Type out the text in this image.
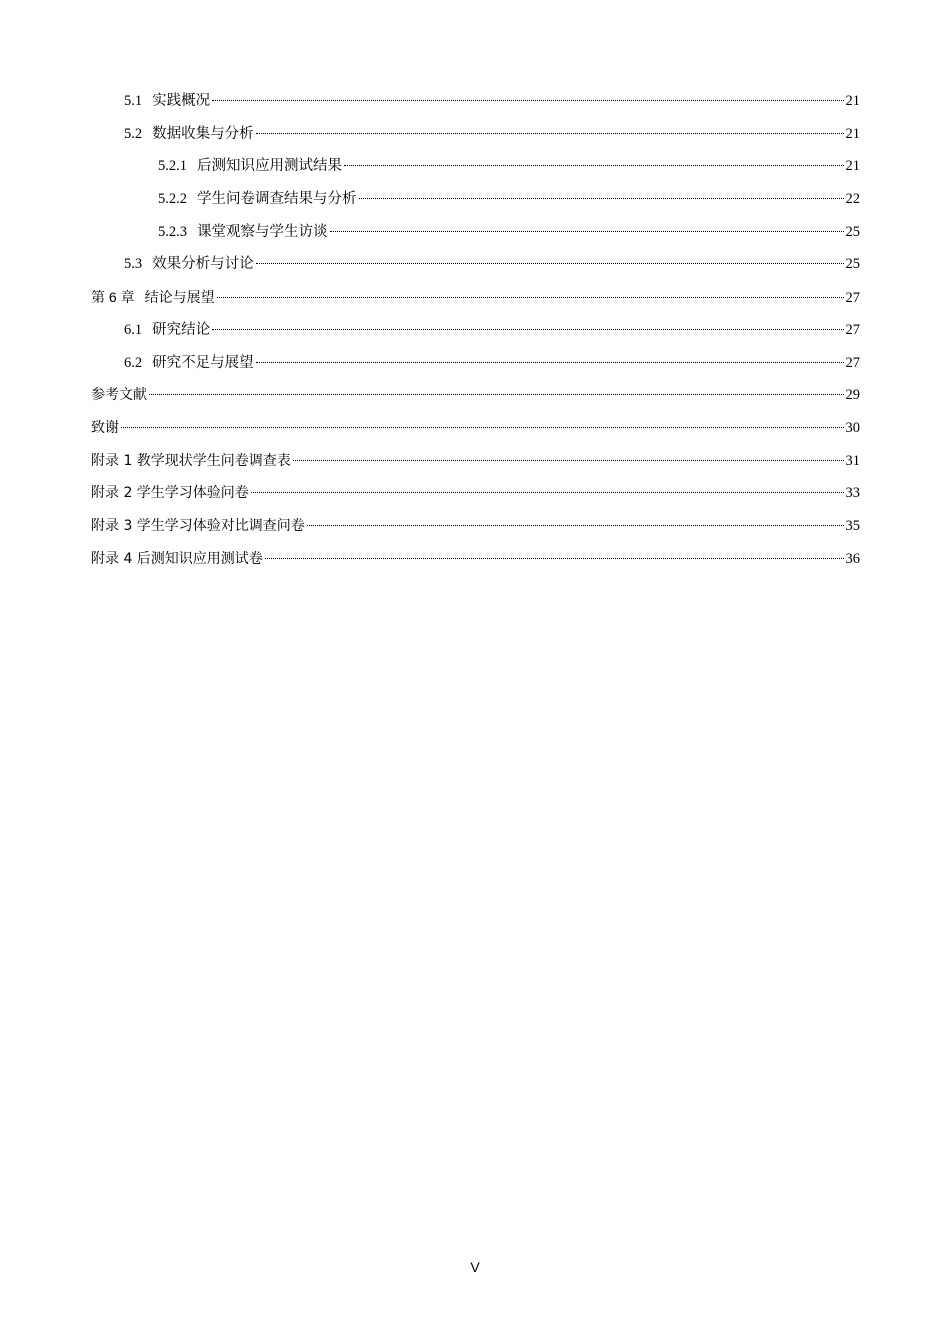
5.1 实践概况	21
5.2 数据收集与分析	21
5.2.1 后测知识应用测试结果	21
5.2.2 学生问卷调查结果与分析	22
5.2.3 课堂观察与学生访谈	25
5.3 效果分析与讨论	25
第 6 章 结论与展望	27
6.1 研究结论	27
6.2 研究不足与展望	27
参考文献	29
致谢	30
附录 1 教学现状学生问卷调查表	31
附录 2 学生学习体验问卷	33
附录 3 学生学习体验对比调查问卷	35
附录 4 后测知识应用测试卷	36
V
